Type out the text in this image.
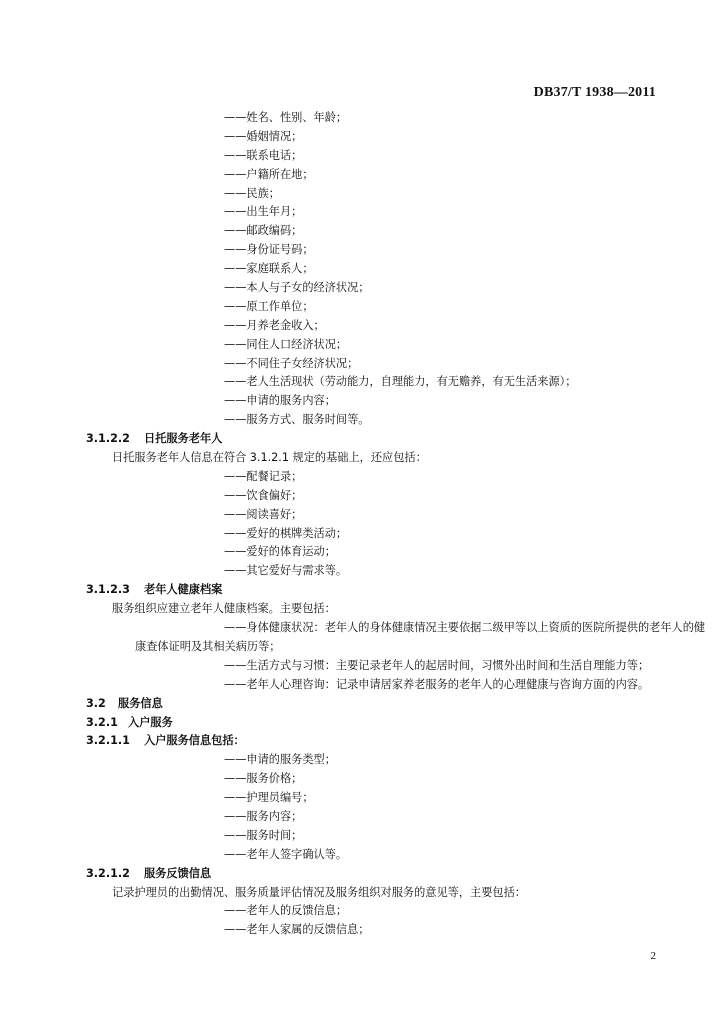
DB37/T 1938—2011
——姓名、性别、年龄；
——婚姻情况；
——联系电话；
——户籍所在地；
——民族；
——出生年月；
——邮政编码；
——身份证号码；
——家庭联系人；
——本人与子女的经济状况；
——原工作单位；
——月养老金收入；
——同住人口经济状况；
——不同住子女经济状况；
——老人生活现状（劳动能力，自理能力，有无赡养，有无生活来源）；
——申请的服务内容；
——服务方式、服务时间等。
3.1.2.2 日托服务老年人
日托服务老年人信息在符合 3.1.2.1 规定的基础上，还应包括：
——配餐记录；
——饮食偏好；
——阅读喜好；
——爱好的棋牌类活动；
——爱好的体育运动；
——其它爱好与需求等。
3.1.2.3 老年人健康档案
服务组织应建立老年人健康档案。主要包括：
——身体健康状况：老年人的身体健康情况主要依据二级甲等以上资质的医院所提供的老年人的健
康查体证明及其相关病历等；
——生活方式与习惯：主要记录老年人的起居时间，习惯外出时间和生活自理能力等；
——老年人心理咨询：记录申请居家养老服务的老年人的心理健康与咨询方面的内容。
3.2 服务信息
3.2.1 入户服务
3.2.1.1 入户服务信息包括：
——申请的服务类型；
——服务价格；
——护理员编号；
——服务内容；
——服务时间；
——老年人签字确认等。
3.2.1.2 服务反馈信息
记录护理员的出勤情况、服务质量评估情况及服务组织对服务的意见等，主要包括：
——老年人的反馈信息；
——老年人家属的反馈信息；
2
